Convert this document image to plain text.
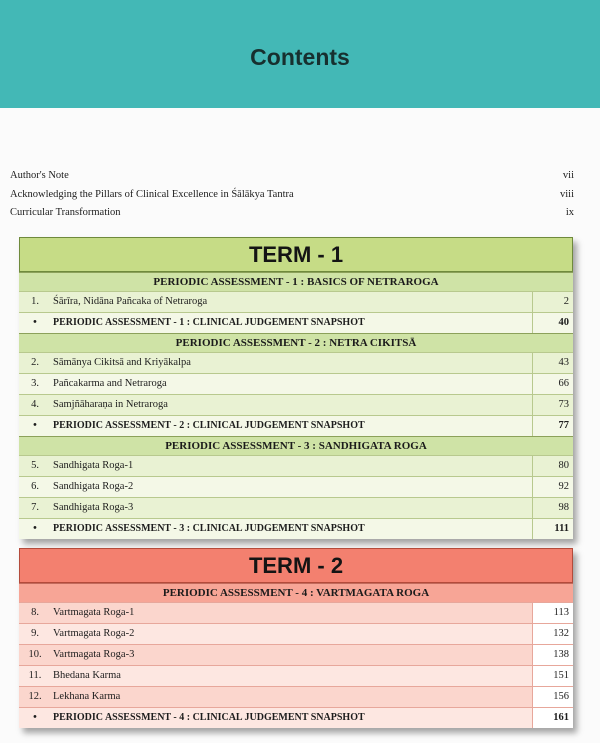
Contents
Author's Note	vii
Acknowledging the Pillars of Clinical Excellence in Śālākya Tantra	viii
Curricular Transformation	ix
TERM - 1
PERIODIC ASSESSMENT - 1 : BASICS OF NETRAROGA
1.	Śārīra, Nidāna Pañcaka of Netraroga	2
•	PERIODIC ASSESSMENT - 1 : CLINICAL JUDGEMENT SNAPSHOT	40
PERIODIC ASSESSMENT - 2 : NETRA CIKITSĀ
2.	Sāmānya Cikitsā and Kriyākalpa	43
3.	Pañcakarma and Netraroga	66
4.	Samjñāharaṇa in Netraroga	73
•	PERIODIC ASSESSMENT - 2 : CLINICAL JUDGEMENT SNAPSHOT	77
PERIODIC ASSESSMENT - 3 : SANDHIGATA ROGA
5.	Sandhigata Roga-1	80
6.	Sandhigata Roga-2	92
7.	Sandhigata Roga-3	98
•	PERIODIC ASSESSMENT - 3 : CLINICAL JUDGEMENT SNAPSHOT	111
TERM - 2
PERIODIC ASSESSMENT - 4 : VARTMAGATA ROGA
8.	Vartmagata Roga-1	113
9.	Vartmagata Roga-2	132
10.	Vartmagata Roga-3	138
11.	Bhedana Karma	151
12.	Lekhana Karma	156
•	PERIODIC ASSESSMENT - 4 : CLINICAL JUDGEMENT SNAPSHOT	161
